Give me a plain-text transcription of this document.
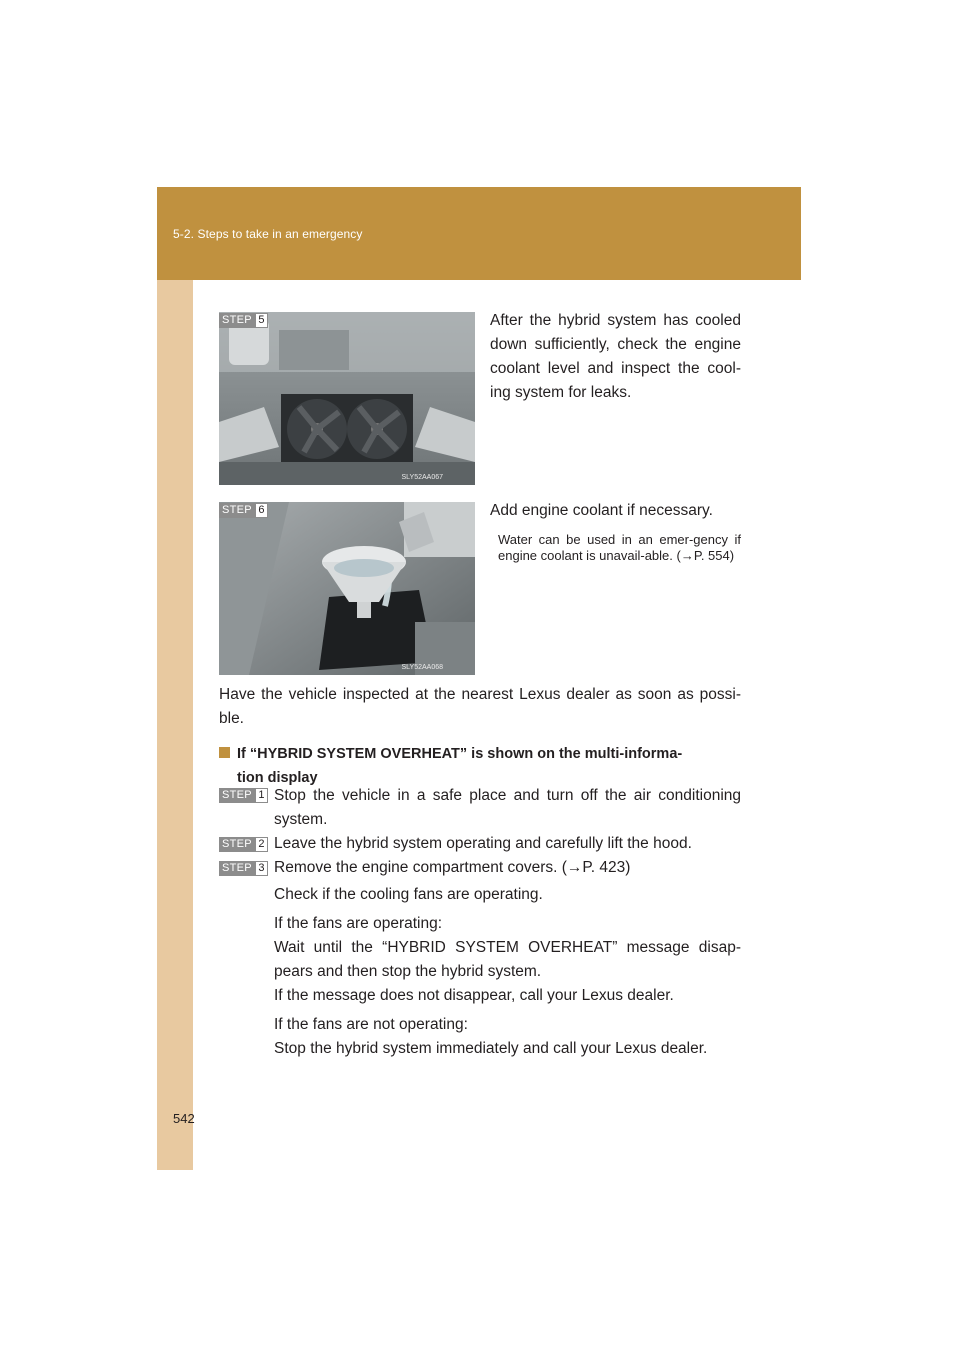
5-2. Steps to take in an emergency
SLY52AA067
STEP 5	After the hybrid system has cooled down sufficiently, check the engine coolant level and inspect the cool-ing system for leaks.
SLY52AA068
STEP 6	Add engine coolant if necessary.
Water can be used in an emer-gency if engine coolant is unavail-able. (→P. 554)
Have the vehicle inspected at the nearest Lexus dealer as soon as possi-ble.
If “HYBRID SYSTEM OVERHEAT” is shown on the multi-informa-
tion display
STEP 1 Stop the vehicle in a safe place and turn off the air conditioning system.
STEP 2 Leave the hybrid system operating and carefully lift the hood.
STEP 3 Remove the engine compartment covers. (→P. 423)
Check if the cooling fans are operating.
If the fans are operating:
Wait until the “HYBRID SYSTEM OVERHEAT” message disap-pears and then stop the hybrid system.
If the message does not disappear, call your Lexus dealer.
If the fans are not operating:
Stop the hybrid system immediately and call your Lexus dealer.
542
